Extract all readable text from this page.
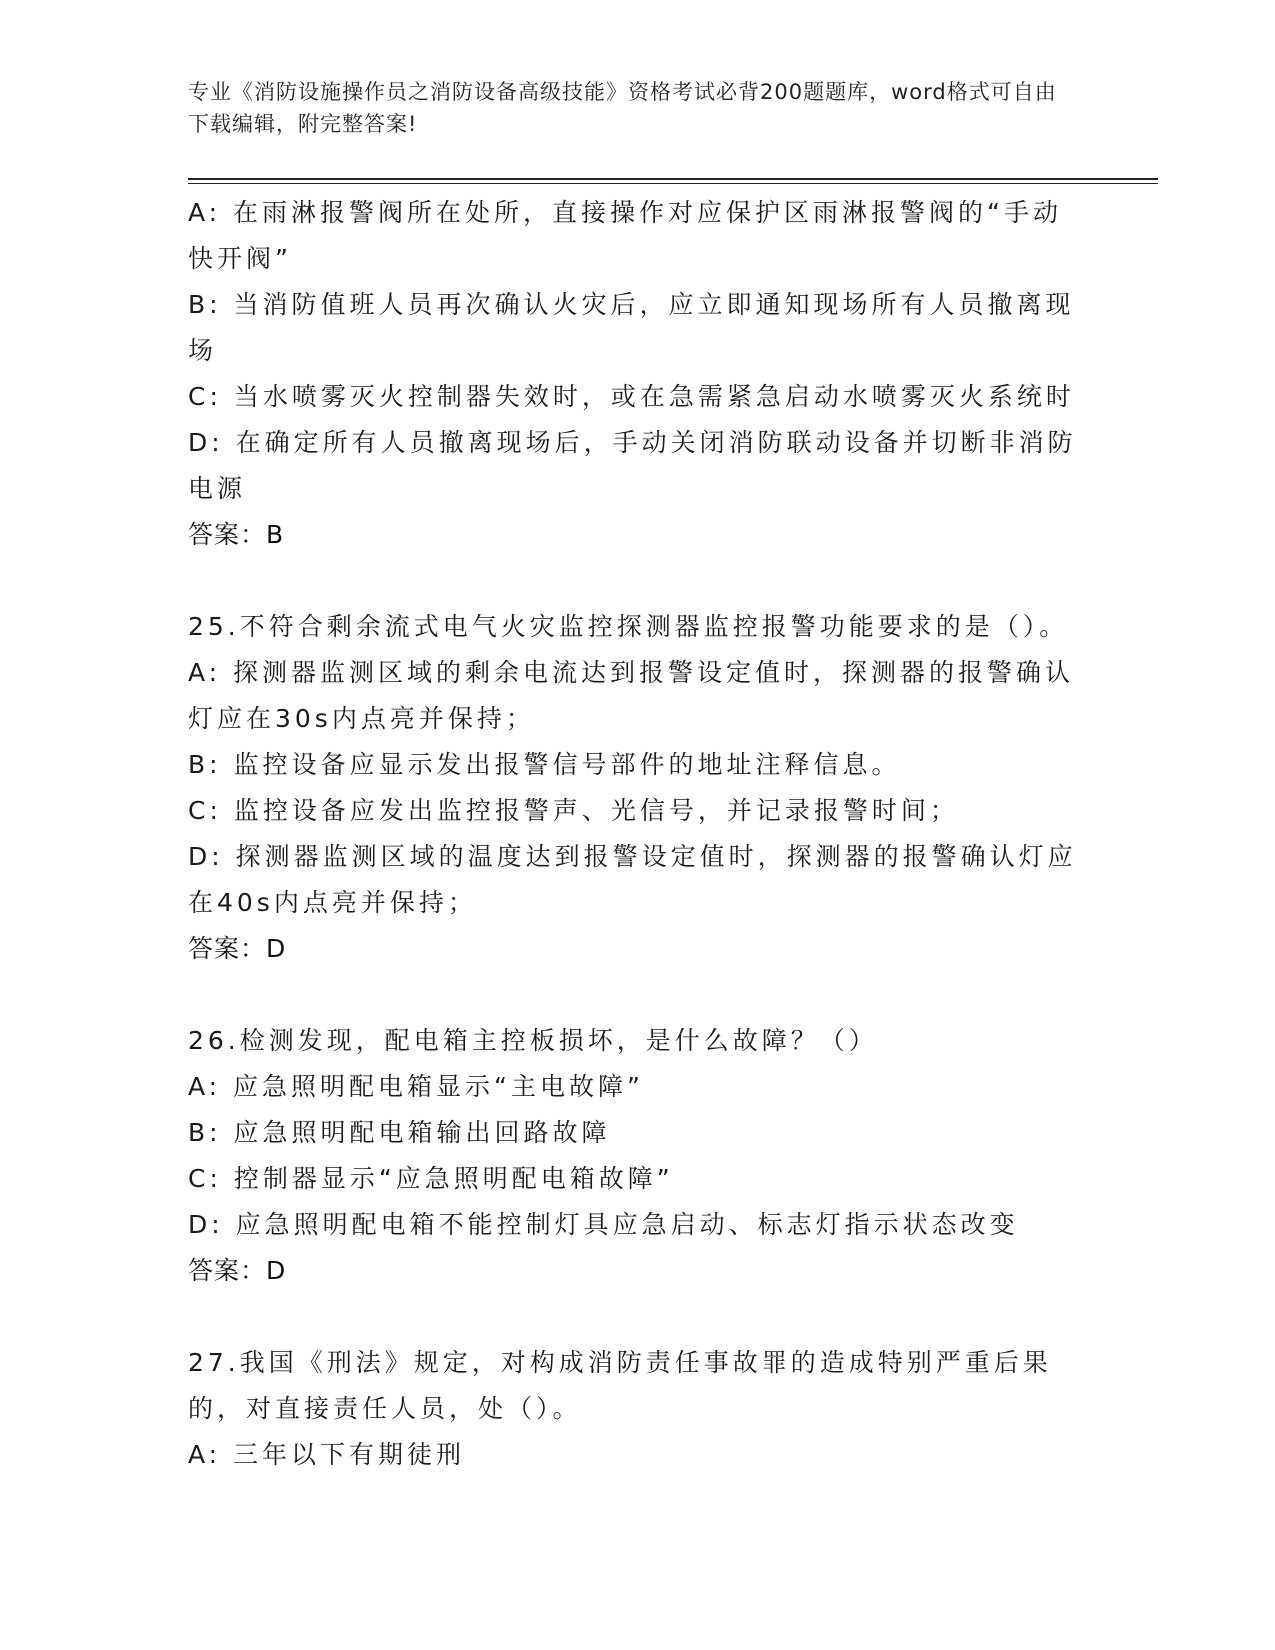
专业《消防设施操作员之消防设备高级技能》资格考试必背200题题库，word格式可自由下载编辑，附完整答案!
A: 在雨淋报警阀所在处所，直接操作对应保护区雨淋报警阀的“手动快开阀”
B: 当消防值班人员再次确认火灾后，应立即通知现场所有人员撤离现场
C: 当水喷雾灭火控制器失效时，或在急需紧急启动水喷雾灭火系统时
D: 在确定所有人员撤离现场后，手动关闭消防联动设备并切断非消防电源
答案：B
25.不符合剩余流式电气火灾监控探测器监控报警功能要求的是（）。
A: 探测器监测区域的剩余电流达到报警设定值时，探测器的报警确认灯应在30s内点亮并保持；
B: 监控设备应显示发出报警信号部件的地址注释信息。
C: 监控设备应发出监控报警声、光信号，并记录报警时间；
D: 探测器监测区域的温度达到报警设定值时，探测器的报警确认灯应在40s内点亮并保持；
答案：D
26.检测发现，配电箱主控板损坏，是什么故障？（）
A: 应急照明配电箱显示“主电故障”
B: 应急照明配电箱输出回路故障
C: 控制器显示“应急照明配电箱故障”
D: 应急照明配电箱不能控制灯具应急启动、标志灯指示状态改变
答案：D
27.我国《刑法》规定，对构成消防责任事故罪的造成特别严重后果的，对直接责任人员，处（）。
A: 三年以下有期徒刑
